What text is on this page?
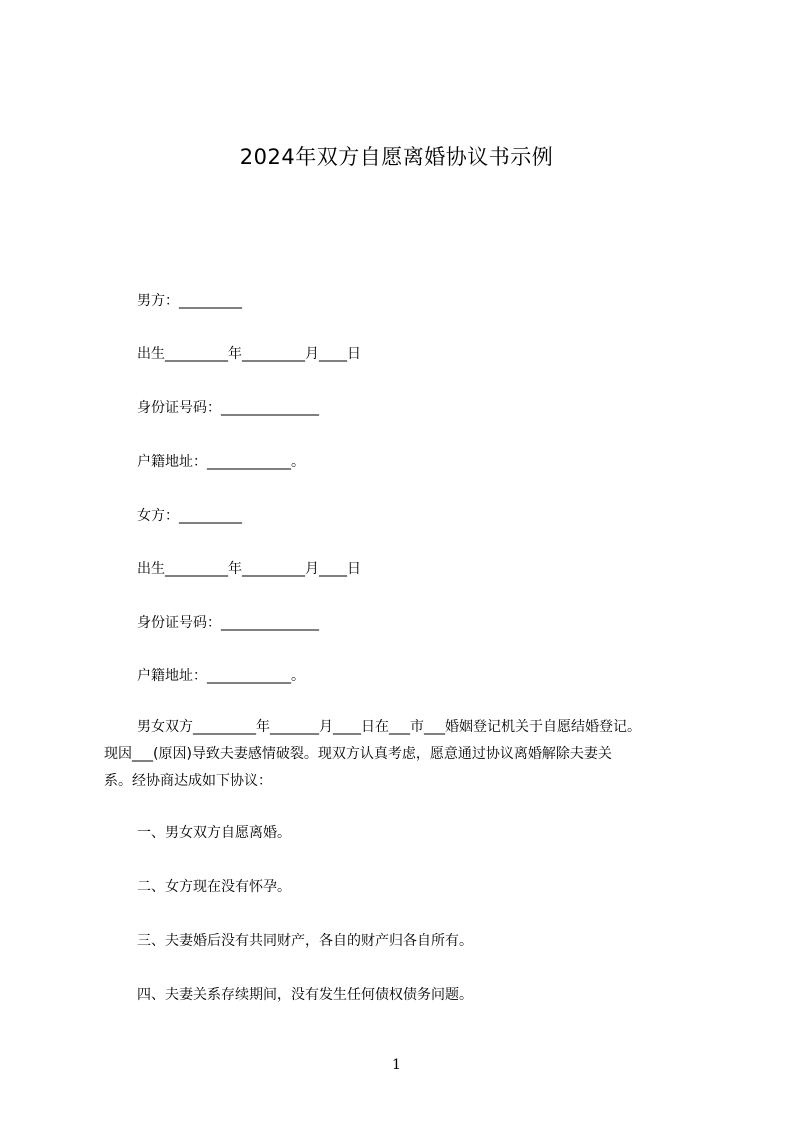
2024年双方自愿离婚协议书示例
男方：_________
出生_________年_________月____日
身份证号码：______________
户籍地址：____________。
女方：_________
出生_________年_________月____日
身份证号码：______________
户籍地址：____________。
男女双方_________年_______月____日在___市___婚姻登记机关于自愿结婚登记。
现因___(原因)导致夫妻感情破裂。现双方认真考虑，愿意通过协议离婚解除夫妻关
系。经协商达成如下协议：
一、男女双方自愿离婚。
二、女方现在没有怀孕。
三、夫妻婚后没有共同财产，各自的财产归各自所有。
四、夫妻关系存续期间，没有发生任何债权债务问题。
1
